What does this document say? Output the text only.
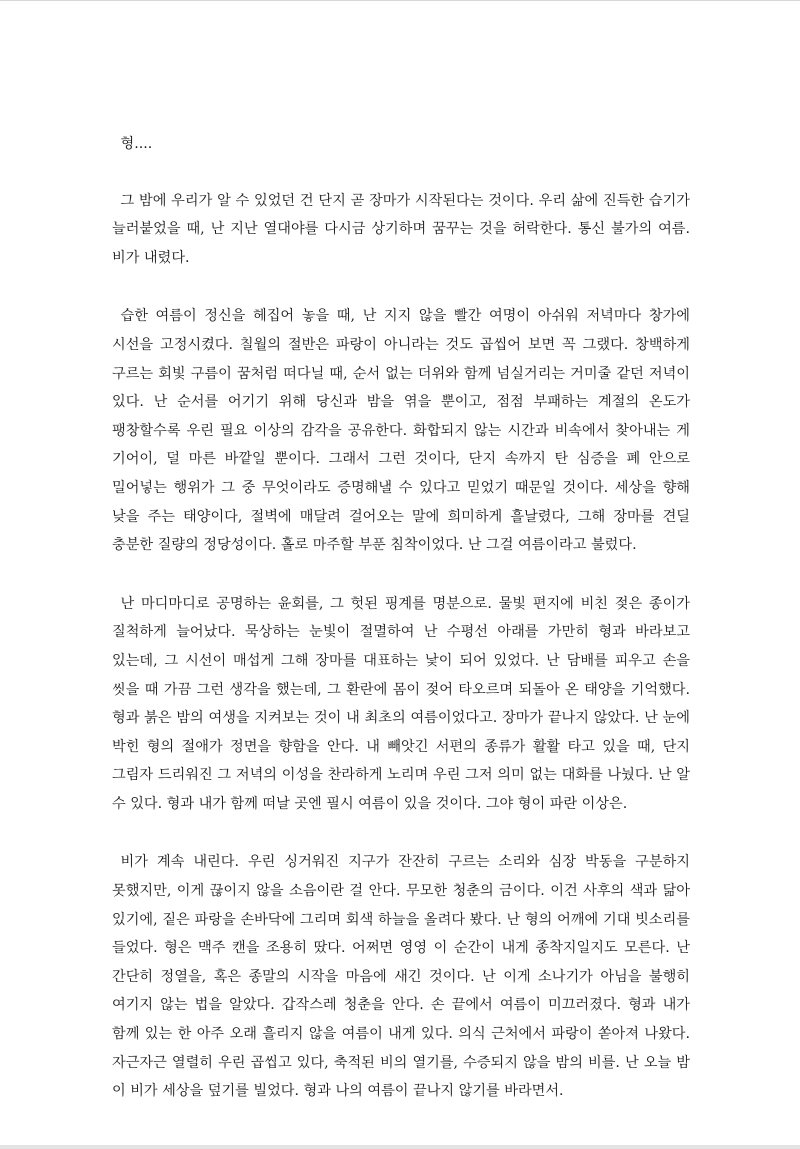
형....

그 밤에 우리가 알 수 있었던 건 단지 곧 장마가 시작된다는 것이다. 우리 삶에 진득한 습기가 늘러붙었을 때, 난 지난 열대야를 다시금 상기하며 꿈꾸는 것을 허락한다. 통신 불가의 여름. 비가 내렸다.

습한 여름이 정신을 헤집어 놓을 때, 난 지지 않을 빨간 여명이 아쉬워 저녁마다 창가에 시선을 고정시켰다. 칠월의 절반은 파랑이 아니라는 것도 곱씹어 보면 꼭 그랬다. 창백하게 구르는 회빛 구름이 꿈처럼 떠다닐 때, 순서 없는 더위와 함께 넘실거리는 거미줄 같던 저녁이 있다. 난 순서를 어기기 위해 당신과 밤을 엮을 뿐이고, 점점 부패하는 계절의 온도가 팽창할수록 우린 필요 이상의 감각을 공유한다. 화합되지 않는 시간과 비속에서 찾아내는 게 기어이, 덜 마른 바깥일 뿐이다. 그래서 그런 것이다, 단지 속까지 탄 심증을 폐 안으로 밀어넣는 행위가 그 중 무엇이라도 증명해낼 수 있다고 믿었기 때문일 것이다. 세상을 향해 낮을 주는 태양이다, 절벽에 매달려 걸어오는 말에 희미하게 흘날렸다, 그해 장마를 견딜 충분한 질량의 정당성이다. 홀로 마주할 부푼 침착이었다. 난 그걸 여름이라고 불렀다.

난 마디마디로 공명하는 윤회를, 그 헛된 핑계를 명분으로. 물빛 편지에 비친 젖은 종이가 질척하게 늘어났다. 묵상하는 눈빛이 절멸하여 난 수평선 아래를 가만히 형과 바라보고 있는데, 그 시선이 매섭게 그해 장마를 대표하는 낯이 되어 있었다. 난 담배를 피우고 손을 씻을 때 가끔 그런 생각을 했는데, 그 환란에 몸이 젖어 타오르며 되돌아 온 태양을 기억했다. 형과 붉은 밤의 여생을 지켜보는 것이 내 최초의 여름이었다고. 장마가 끝나지 않았다. 난 눈에 박힌 형의 절애가 정면을 향함을 안다. 내 빼앗긴 서편의 종류가 활활 타고 있을 때, 단지 그림자 드리워진 그 저녁의 이성을 찬라하게 노리며 우린 그저 의미 없는 대화를 나눴다. 난 알 수 있다. 형과 내가 함께 떠날 곳엔 필시 여름이 있을 것이다. 그야 형이 파란 이상은.

비가 계속 내린다. 우린 싱거워진 지구가 잔잔히 구르는 소리와 심장 박동을 구분하지 못했지만, 이게 끊이지 않을 소음이란 걸 안다. 무모한 청춘의 금이다. 이건 사후의 색과 닮아 있기에, 짙은 파랑을 손바닥에 그리며 회색 하늘을 올려다 봤다. 난 형의 어깨에 기대 빗소리를 들었다. 형은 맥주 캔을 조용히 땄다. 어쩌면 영영 이 순간이 내게 종착지일지도 모른다. 난 간단히 정열을, 혹은 종말의 시작을 마음에 새긴 것이다. 난 이게 소나기가 아님을 불행히 여기지 않는 법을 알았다. 갑작스레 청춘을 안다. 손 끝에서 여름이 미끄러졌다. 형과 내가 함께 있는 한 아주 오래 흘리지 않을 여름이 내게 있다. 의식 근처에서 파랑이 쏟아져 나왔다. 자근자근 열렬히 우린 곱씹고 있다, 축적된 비의 열기를, 수증되지 않을 밤의 비를. 난 오늘 밤 이 비가 세상을 덮기를 빌었다. 형과 나의 여름이 끝나지 않기를 바라면서.
